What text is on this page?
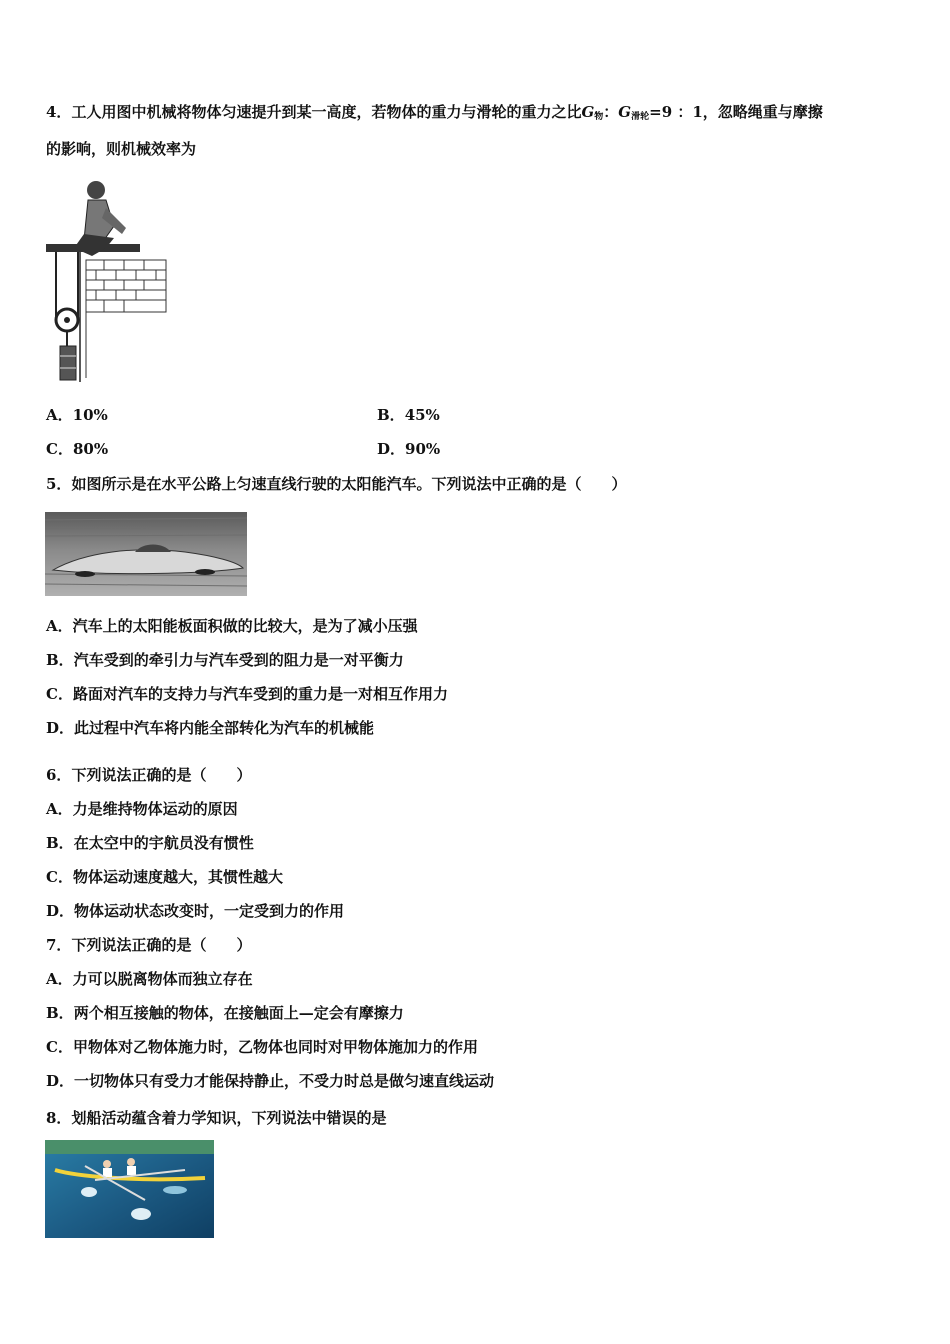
4．工人用图中机械将物体匀速提升到某一高度，若物体的重力与滑轮的重力之比$G_物$：$G_{滑轮}=9$ ：1，忽略绳重与摩擦
的影响，则机械效率为
A．10%	B．45%
C．80%	D．90%
5．如图所示是在水平公路上匀速直线行驶的太阳能汽车。下列说法中正确的是（　　）
A．汽车上的太阳能板面积做的比较大，是为了减小压强
B．汽车受到的牵引力与汽车受到的阻力是一对平衡力
C．路面对汽车的支持力与汽车受到的重力是一对相互作用力
D．此过程中汽车将内能全部转化为汽车的机械能
6．下列说法正确的是（　　）
A．力是维持物体运动的原因
B．在太空中的宇航员没有惯性
C．物体运动速度越大，其惯性越大
D．物体运动状态改变时，一定受到力的作用
7．下列说法正确的是（　　）
A．力可以脱离物体而独立存在
B．两个相互接触的物体，在接触面上—定会有摩擦力
C．甲物体对乙物体施力时，乙物体也同时对甲物体施加力的作用
D．一切物体只有受力才能保持静止，不受力时总是做匀速直线运动
8．划船活动蕴含着力学知识，下列说法中错误的是
